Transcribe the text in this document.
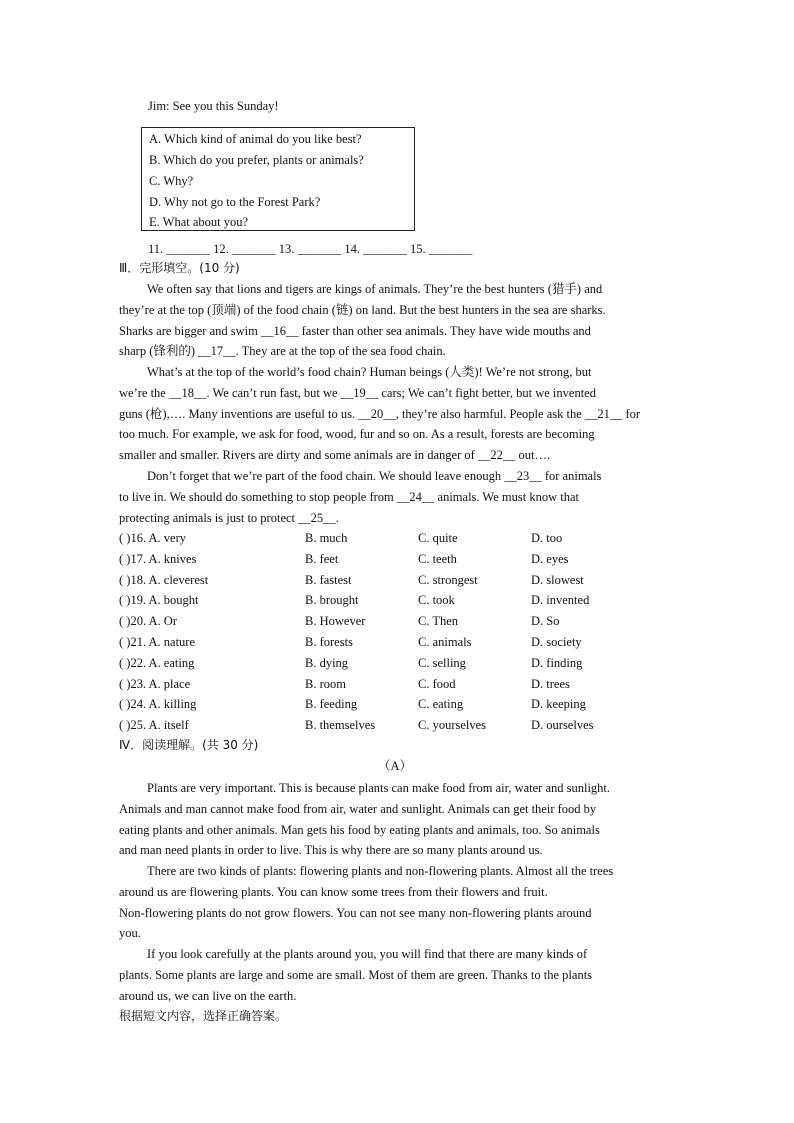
Jim: See you this Sunday!
A. Which kind of animal do you like best?
B. Which do you prefer, plants or animals?
C. Why?
D. Why not go to the Forest Park?
E. What about you?
11. _______ 12. _______ 13. _______ 14. _______ 15. _______
Ⅲ．完形填空。(10 分)
We often say that lions and tigers are kings of animals. They’re the best hunters (猎手) and
they’re at the top (顶端) of the food chain (链) on land. But the best hunters in the sea are sharks.
Sharks are bigger and swim __16__ faster than other sea animals. They have wide mouths and
sharp (锋利的) __17__. They are at the top of the sea food chain.
What’s at the top of the world’s food chain? Human beings (人类)! We’re not strong, but
we’re the __18__. We can’t run fast, but we __19__ cars; We can’t fight better, but we invented
guns (枪),…. Many inventions are useful to us. __20__, they’re also harmful. People ask the __21__ for
too much. For example, we ask for food, wood, fur and so on. As a result, forests are becoming
smaller and smaller. Rivers are dirty and some animals are in danger of __22__ out….
Don’t forget that we’re part of the food chain. We should leave enough __23__ for animals
to live in. We should do something to stop people from __24__ animals. We must know that
protecting animals is just to protect __25__.
( )16. A. very	B. much	C. quite	D. too
( )17. A. knives	B. feet	C. teeth	D. eyes
( )18. A. cleverest	B. fastest	C. strongest	D. slowest
( )19. A. bought	B. brought	C. took	D. invented
( )20. A. Or	B. However	C. Then	D. So
( )21. A. nature	B. forests	C. animals	D. society
( )22. A. eating	B. dying	C. selling	D. finding
( )23. A. place	B. room	C. food	D. trees
( )24. A. killing	B. feeding	C. eating	D. keeping
( )25. A. itself	B. themselves	C. yourselves	D. ourselves
Ⅳ．阅读理解。(共 30 分)
（A）
Plants are very important. This is because plants can make food from air, water and sunlight.
Animals and man cannot make food from air, water and sunlight. Animals can get their food by
eating plants and other animals. Man gets his food by eating plants and animals, too. So animals
and man need plants in order to live. This is why there are so many plants around us.
There are two kinds of plants: flowering plants and non-flowering plants. Almost all the trees
around us are flowering plants. You can know some trees from their flowers and fruit.
Non-flowering plants do not grow flowers. You can not see many non-flowering plants around
you.
If you look carefully at the plants around you, you will find that there are many kinds of
plants. Some plants are large and some are small. Most of them are green. Thanks to the plants
around us, we can live on the earth.
根据短文内容，选择正确答案。
